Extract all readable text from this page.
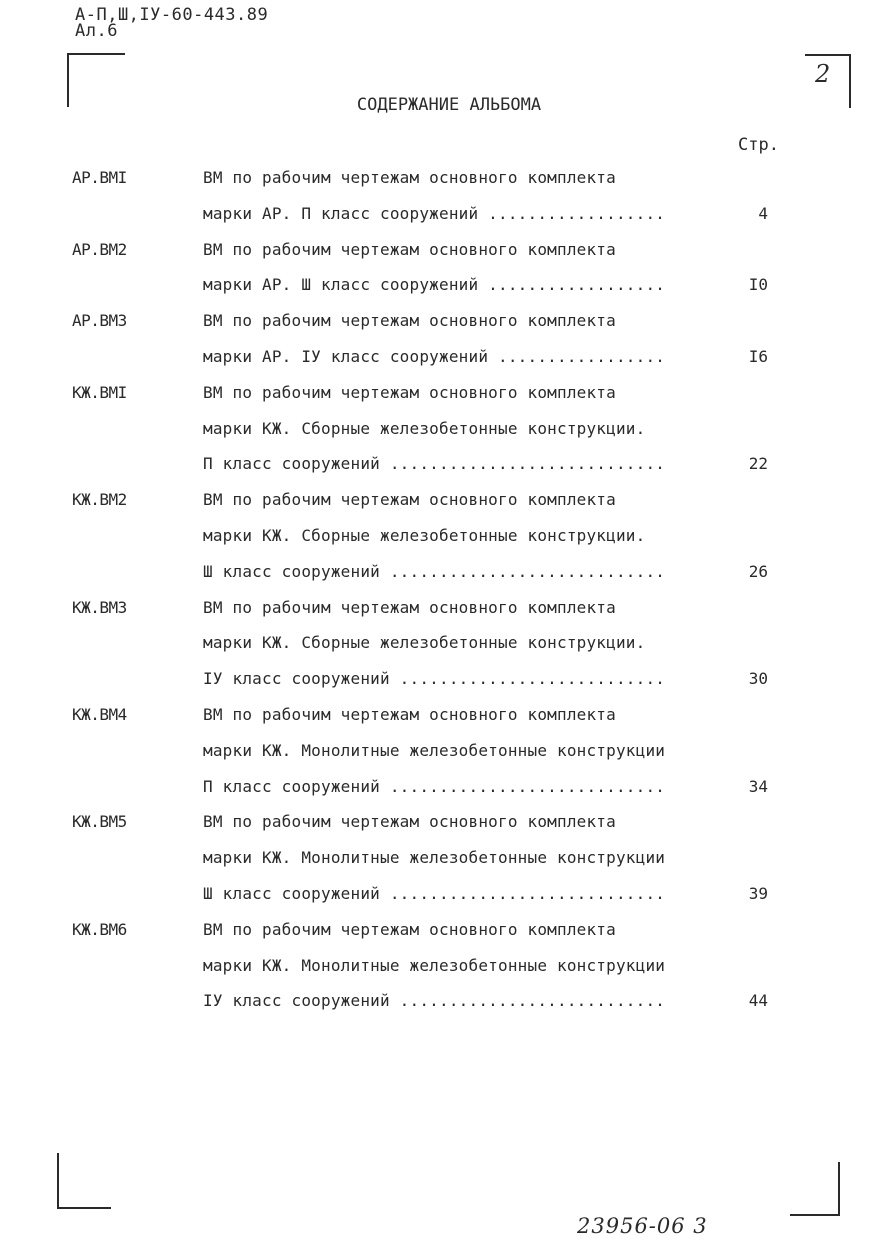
А-П,Ш,IУ-60-443.89
Ал.6
2
СОДЕРЖАНИЕ АЛЬБОМА
Стр.
АР.ВМI	ВМ по рабочим чертежам основного комплекта
марки АР. П класс сооружений ..................	4
АР.ВМ2	ВМ по рабочим чертежам основного комплекта
марки АР. Ш класс сооружений ..................	I0
АР.ВМ3	ВМ по рабочим чертежам основного комплекта
марки АР. IУ класс сооружений .................	I6
КЖ.ВМI	ВМ по рабочим чертежам основного комплекта
марки КЖ. Сборные железобетонные конструкции.
П класс сооружений ............................	22
КЖ.ВМ2	ВМ по рабочим чертежам основного комплекта
марки КЖ. Сборные железобетонные конструкции.
Ш класс сооружений ............................	26
КЖ.ВМ3	ВМ по рабочим чертежам основного комплекта
марки КЖ. Сборные железобетонные конструкции.
IУ класс сооружений ...........................	30
КЖ.ВМ4	ВМ по рабочим чертежам основного комплекта
марки КЖ. Монолитные железобетонные конструкции
П класс сооружений ............................	34
КЖ.ВМ5	ВМ по рабочим чертежам основного комплекта
марки КЖ. Монолитные железобетонные конструкции
Ш класс сооружений ............................	39
КЖ.ВМ6	ВМ по рабочим чертежам основного комплекта
марки КЖ. Монолитные железобетонные конструкции
IУ класс сооружений ...........................	44
23956-06 3
